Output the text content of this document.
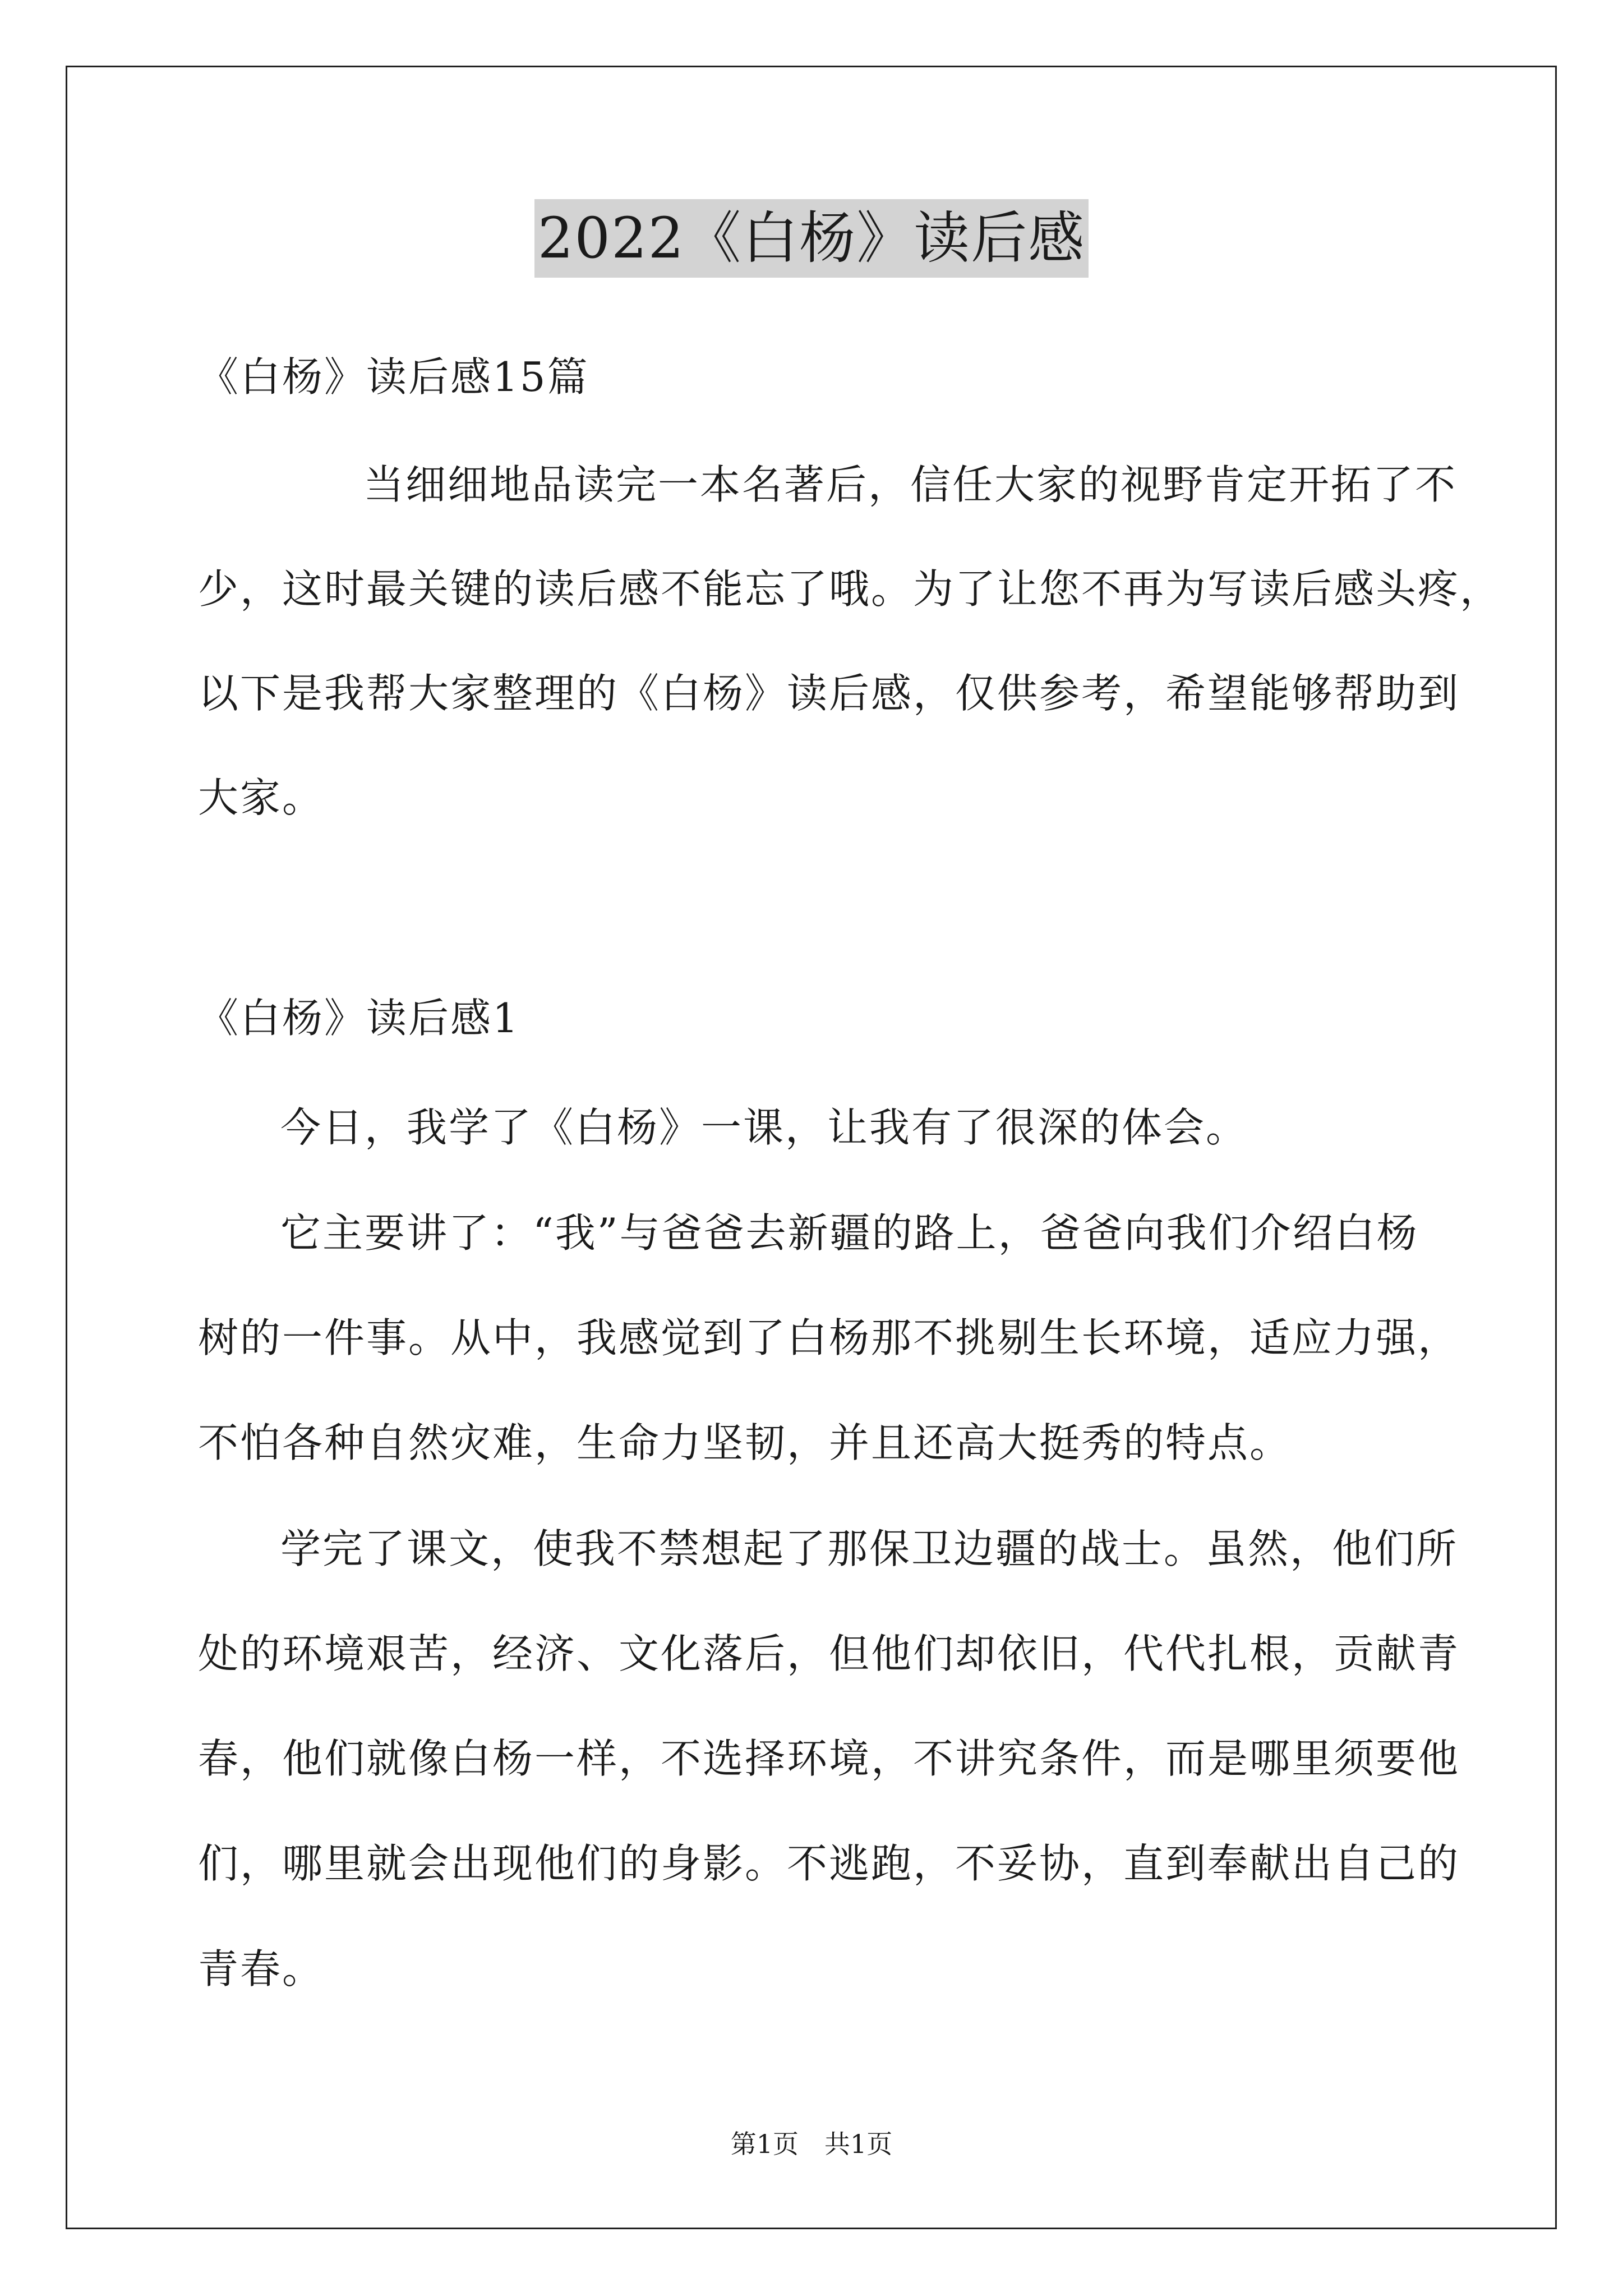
2022《白杨》读后感
《白杨》读后感15篇
当细细地品读完一本名著后，信任大家的视野肯定开拓了不
少，这时最关键的读后感不能忘了哦。为了让您不再为写读后感头疼，
以下是我帮大家整理的《白杨》读后感，仅供参考，希望能够帮助到
大家。
《白杨》读后感1
今日，我学了《白杨》一课，让我有了很深的体会。
它主要讲了：“我”与爸爸去新疆的路上，爸爸向我们介绍白杨
树的一件事。从中，我感觉到了白杨那不挑剔生长环境，适应力强，
不怕各种自然灾难，生命力坚韧，并且还高大挺秀的特点。
学完了课文，使我不禁想起了那保卫边疆的战士。虽然，他们所
处的环境艰苦，经济、文化落后，但他们却依旧，代代扎根，贡献青
春，他们就像白杨一样，不选择环境，不讲究条件，而是哪里须要他
们，哪里就会出现他们的身影。不逃跑，不妥协，直到奉献出自己的
青春。
第1页　共1页
